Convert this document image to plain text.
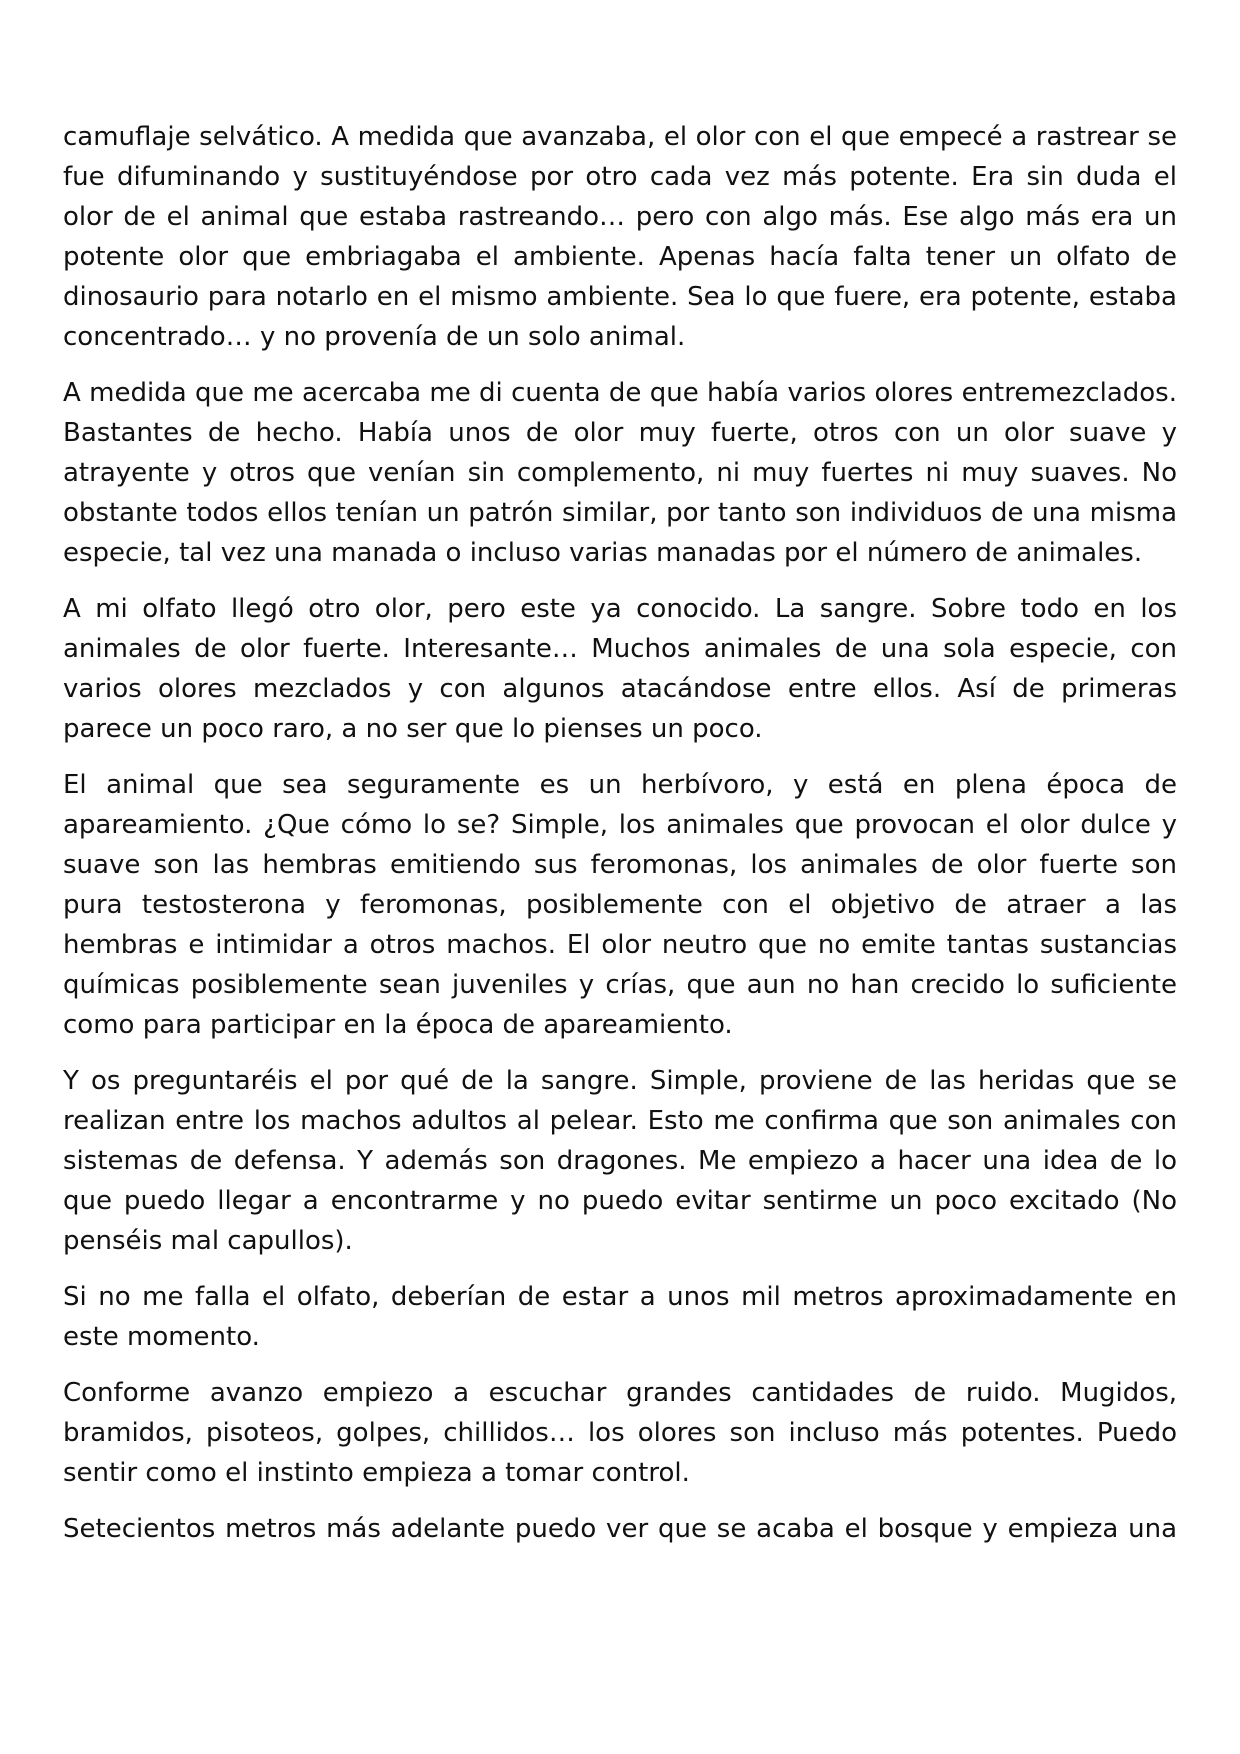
camuflaje selvático. A medida que avanzaba, el olor con el que empecé a rastrear se fue difuminando y sustituyéndose por otro cada vez más potente. Era sin duda el olor de el animal que estaba rastreando… pero con algo más. Ese algo más era un potente olor que embriagaba el ambiente. Apenas hacía falta tener un olfato de dinosaurio para notarlo en el mismo ambiente. Sea lo que fuere, era potente, estaba concentrado… y no provenía de un solo animal.

A medida que me acercaba me di cuenta de que había varios olores entremezclados. Bastantes de hecho. Había unos de olor muy fuerte, otros con un olor suave y atrayente y otros que venían sin complemento, ni muy fuertes ni muy suaves. No obstante todos ellos tenían un patrón similar, por tanto son individuos de una misma especie, tal vez una manada o incluso varias manadas por el número de animales.

A mi olfato llegó otro olor, pero este ya conocido. La sangre. Sobre todo en los animales de olor fuerte. Interesante… Muchos animales de una sola especie, con varios olores mezclados y con algunos atacándose entre ellos. Así de primeras parece un poco raro, a no ser que lo pienses un poco.

El animal que sea seguramente es un herbívoro, y está en plena época de apareamiento. ¿Que cómo lo se? Simple, los animales que provocan el olor dulce y suave son las hembras emitiendo sus feromonas, los animales de olor fuerte son pura testosterona y feromonas, posiblemente con el objetivo de atraer a las hembras e intimidar a otros machos. El olor neutro que no emite tantas sustancias químicas posiblemente sean juveniles y crías, que aun no han crecido lo suficiente como para participar en la época de apareamiento.

Y os preguntaréis el por qué de la sangre. Simple, proviene de las heridas que se realizan entre los machos adultos al pelear. Esto me confirma que son animales con sistemas de defensa. Y además son dragones. Me empiezo a hacer una idea de lo que puedo llegar a encontrarme y no puedo evitar sentirme un poco excitado (No penséis mal capullos).

Si no me falla el olfato, deberían de estar a unos mil metros aproximadamente en este momento.

Conforme avanzo empiezo a escuchar grandes cantidades de ruido. Mugidos, bramidos, pisoteos, golpes, chillidos… los olores son incluso más potentes. Puedo sentir como el instinto empieza a tomar control.

Setecientos metros más adelante puedo ver que se acaba el bosque y empieza una
